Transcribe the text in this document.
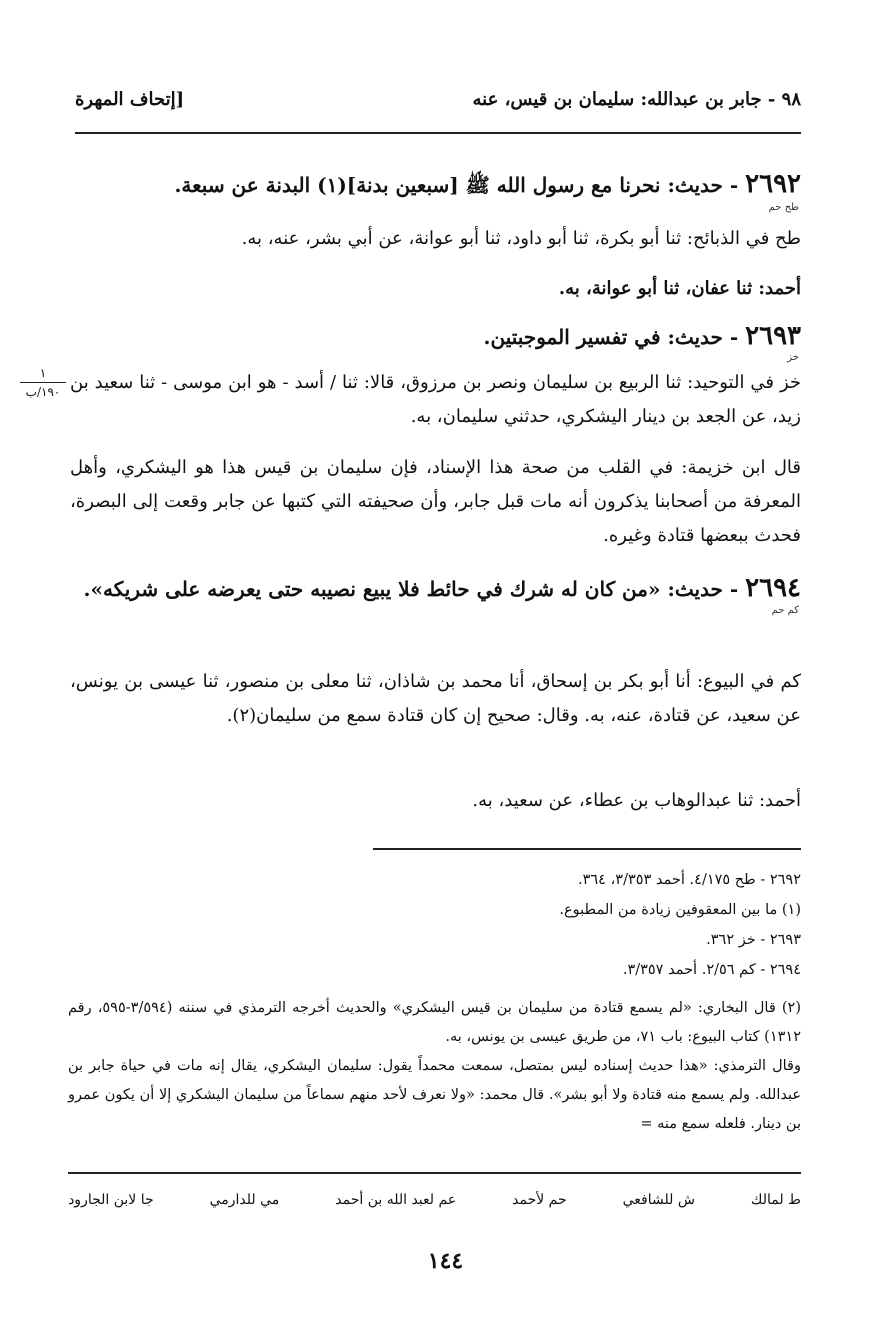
٩٨ - جابر بن عبدالله: سليمان بن قيس، عنه
[إتحاف المهرة
٢٦٩٢ - حديث: نحرنا مع رسول الله ﷺ [سبعين بدنة](١) البدنة عن سبعة.
طح حم
طح في الذبائح: ثنا أبو بكرة، ثنا أبو داود، ثنا أبو عوانة، عن أبي بشر، عنه، به.
أحمد: ثنا عفان، ثنا أبو عوانة، به.
٢٦٩٣ - حديث: في تفسير الموجبتين.
خز
خز في التوحيد: ثنا الربيع بن سليمان ونصر بن مرزوق، قالا: ثنا / أسد - هو ابن موسى - ثنا سعيد بن زيد، عن الجعد بن دينار اليشكري، حدثني سليمان، به.
قال ابن خزيمة: في القلب من صحة هذا الإسناد، فإن سليمان بن قيس هذا هو اليشكري، وأهل المعرفة من أصحابنا يذكرون أنه مات قبل جابر، وأن صحيفته التي كتبها عن جابر وقعت إلى البصرة، فحدث ببعضها قتادة وغيره.
١
١٩٠/ب
٢٦٩٤ - حديث: «من كان له شرك في حائط فلا يبيع نصيبه حتى يعرضه على شريكه».
كم حم
كم في البيوع: أنا أبو بكر بن إسحاق، أنا محمد بن شاذان، ثنا معلى بن منصور، ثنا عيسى بن يونس، عن سعيد، عن قتادة، عنه، به. وقال: صحيح إن كان قتادة سمع من سليمان(٢).
أحمد: ثنا عبدالوهاب بن عطاء، عن سعيد، به.
٢٦٩٢ - طح ٤/١٧٥. أحمد ٣/٣٥٣، ٣٦٤.
(١) ما بين المعقوفين زيادة من المطبوع.
٢٦٩٣ - خز ٣٦٢.
٢٦٩٤ - كم ٢/٥٦. أحمد ٣/٣٥٧.
(٢) قال البخاري: «لم يسمع قتادة من سليمان بن قيس اليشكري» والحديث أخرجه الترمذي في سننه (٣/٥٩٤-٥٩٥، رقم ١٣١٢) كتاب البيوع: باب ٧١، من طريق عيسى بن يونس، به.
وقال الترمذي: «هذا حديث إسناده ليس بمتصل، سمعت محمداً يقول: سليمان اليشكري، يقال إنه مات في حياة جابر بن عبدالله. ولم يسمع منه قتادة ولا أبو بشر». قال محمد: «ولا نعرف لأحد منهم سماعاً من سليمان اليشكري إلا أن يكون عمرو بن دينار. فلعله سمع منه =
ط لمالك
ش للشافعي
حم لأحمد
عم لعبد الله بن أحمد
مي للدارمي
جا لابن الجارود
١٤٤
